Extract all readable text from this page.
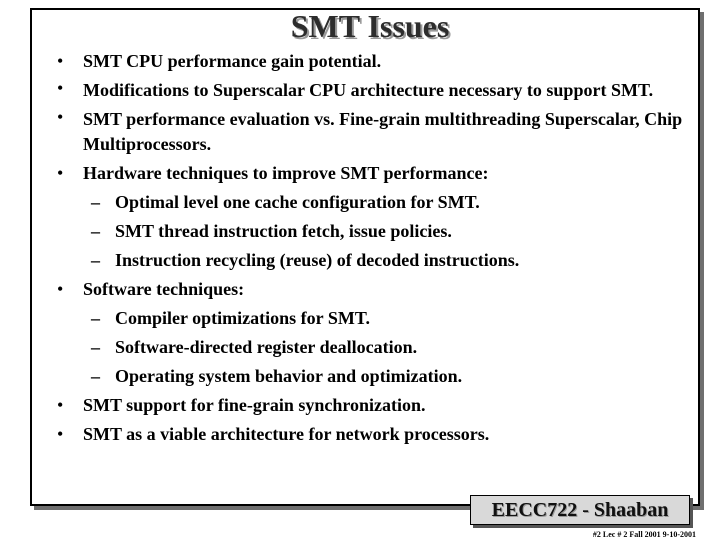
SMT Issues
• SMT CPU performance gain potential.
• Modifications to Superscalar CPU architecture necessary to support SMT.
• SMT performance evaluation vs. Fine-grain multithreading Superscalar, Chip Multiprocessors.
• Hardware techniques to improve SMT performance:
– Optimal level one cache configuration for SMT.
– SMT thread instruction fetch, issue policies.
– Instruction recycling (reuse) of decoded instructions.
• Software techniques:
– Compiler optimizations for SMT.
– Software-directed register deallocation.
– Operating system behavior and optimization.
• SMT support for fine-grain synchronization.
• SMT as a viable architecture for network processors.
EECC722 - Shaaban
#2 Lec # 2 Fall 2001 9-10-2001
